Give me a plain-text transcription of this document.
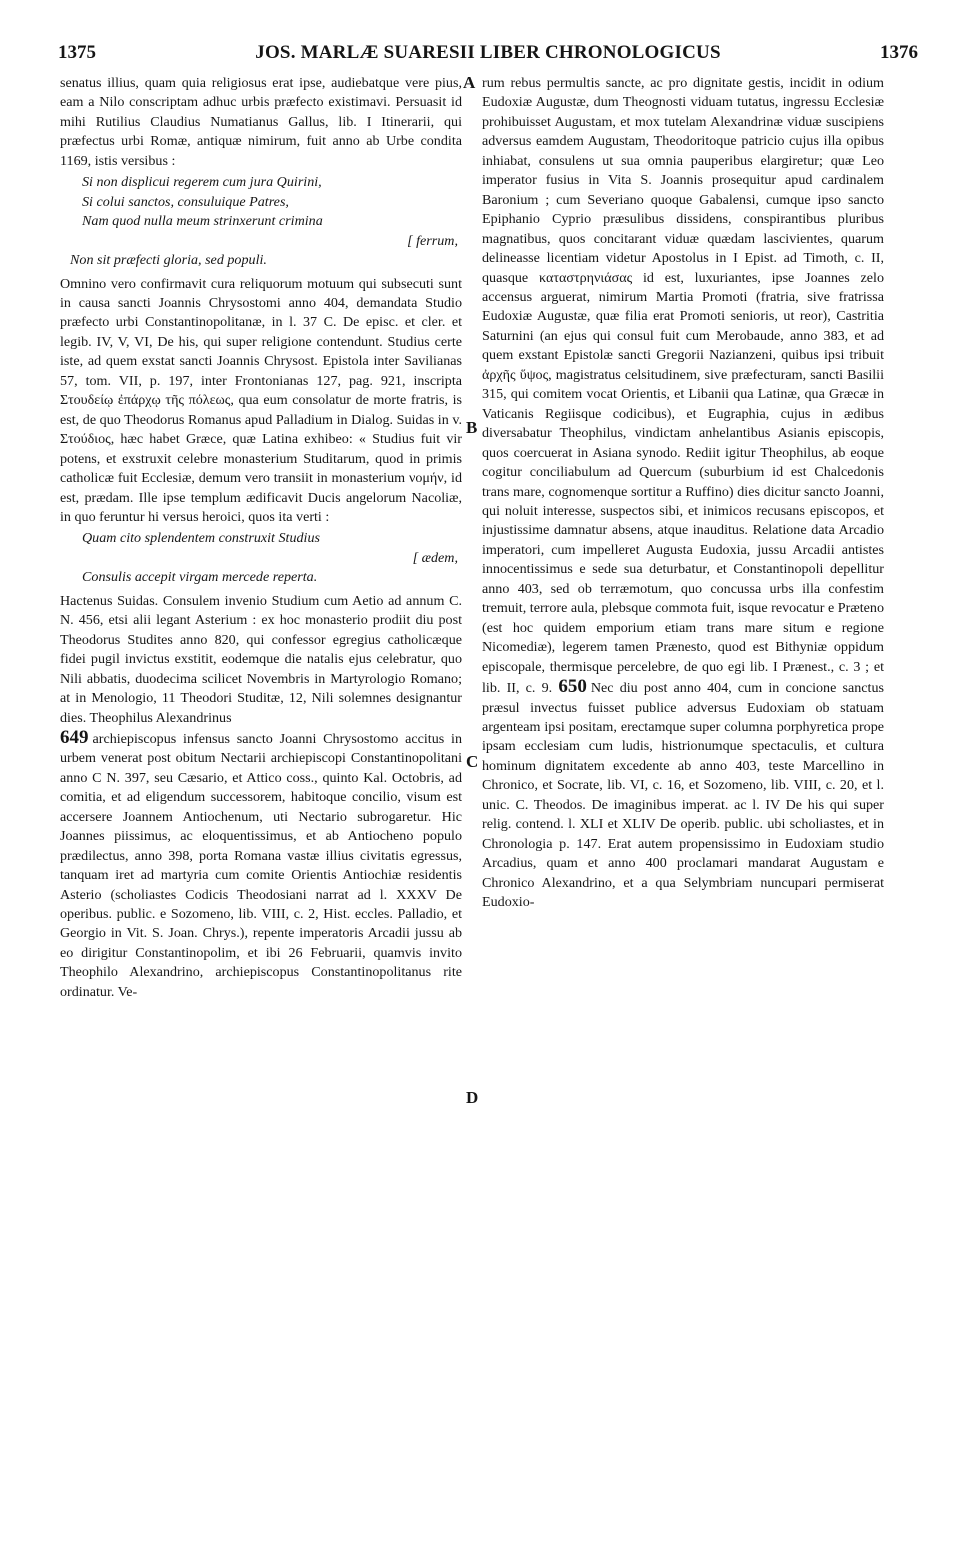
1375	JOS. MARLÆ SUARESII LIBER CHRONOLOGICUS	1376
A
B
C
D

senatus illius, quam quia religiosus erat ipse, audiebatque vere pius, eam a Nilo conscriptam adhuc urbis præfecto existimavi. Persuasit id mihi Rutilius Claudius Numatianus Gallus, lib. I Itinerarii, qui præfectus urbi Romæ, antiquæ nimirum, fuit anno ab Urbe condita 1169, istis versibus :

Si non displicui regerem cum jura Quirini,
Si colui sanctos, consuluique Patres,
Nam quod nulla meum strinxerunt crimina
[ ferrum,
Non sit præfecti gloria, sed populi.

Omnino vero confirmavit cura reliquorum motuum qui subsecuti sunt in causa sancti Joannis Chrysostomi anno 404, demandata Studio præfecto urbi Constantinopolitanæ, in l. 37 C. De episc. et cler. et legib. IV, V, VI, De his, qui super religione contendunt. Studius certe iste, ad quem exstat sancti Joannis Chrysost. Epistola inter Savilianas 57, tom. VII, p. 197, inter Frontonianas 127, pag. 921, inscripta Στουδείῳ ἐπάρχῳ τῆς πόλεως, qua eum consolatur de morte fratris, is est, de quo Theodorus Romanus apud Palladium in Dialog. Suidas in v. Στούδιος, hæc habet Græce, quæ Latina exhibeo: « Studius fuit vir potens, et exstruxit celebre monasterium Studitarum, quod in primis catholicæ fuit Ecclesiæ, demum vero transiit in monasterium νομήν, id est, prædam. Ille ipse templum ædificavit Ducis angelorum Nacoliæ, in quo feruntur hi versus heroici, quos ita verti :

Quam cito splendentem construxit Studius
[ ædem,
Consulis accepit virgam mercede reperta.

Hactenus Suidas. Consulem invenio Studium cum Aetio ad annum C. N. 456, etsi alii legant Asterium : ex hoc monasterio prodiit diu post Theodorus Studites anno 820, qui confessor egregius catholicæque fidei pugil invictus exstitit, eodemque die natalis ejus celebratur, quo Nili abbatis, duodecima scilicet Novembris in Martyrologio Romano; at in Menologio, 11 Theodori Studitæ, 12, Nili solemnes designantur dies. Theophilus Alexandrinus

649 archiepiscopus infensus sancto Joanni Chrysostomo accitus in urbem venerat post obitum Nectarii archiepiscopi Constantinopolitani anno C N. 397, seu Cæsario, et Attico coss., quinto Kal. Octobris, ad comitia, et ad eligendum successorem, habitoque concilio, visum est accersere Joannem Antiochenum, uti Nectario subrogaretur. Hic Joannes piissimus, ac eloquentissimus, et ab Antiocheno populo prædilectus, anno 398, porta Romana vastæ illius civitatis egressus, tanquam iret ad martyria cum comite Orientis Antiochiæ residentis Asterio (scholiastes Codicis Theodosiani narrat ad l. XXXV De operibus. public. e Sozomeno, lib. VIII, c. 2, Hist. eccles. Palladio, et Georgio in Vit. S. Joan. Chrys.), repente imperatoris Arcadii jussu ab eo dirigitur Constantinopolim, et ibi 26 Februarii, quamvis invito Theophilo Alexandrino, archiepiscopus Constantinopolitanus rite ordinatur. Ve-

rum rebus permultis sancte, ac pro dignitate gestis, incidit in odium Eudoxiæ Augustæ, dum Theognosti viduam tutatus, ingressu Ecclesiæ prohibuisset Augustam, et mox tutelam Alexandrinæ viduæ suscipiens adversus eamdem Augustam, Theodoritoque patricio cujus illa opibus inhiabat, consulens ut sua omnia pauperibus elargiretur; quæ Leo imperator fusius in Vita S. Joannis prosequitur apud cardinalem Baronium ; cum Severiano quoque Gabalensi, cumque ipso sancto Epiphanio Cyprio præsulibus dissidens, conspirantibus pluribus magnatibus, quos concitarant viduæ quædam lascivientes, quarum delineasse licentiam videtur Apostolus in I Epist. ad Timoth, c. II, quasque καταστρηνιάσας id est, luxuriantes, ipse Joannes zelo accensus arguerat, nimirum Martia Promoti (fratria, sive fratrissa Eudoxiæ Augustæ, quæ filia erat Promoti senioris, ut reor), Castritia Saturnini (an ejus qui consul fuit cum Merobaude, anno 383, et ad quem exstant Epistolæ sancti Gregorii Nazianzeni, quibus ipsi tribuit ἀρχῆς ὕψος, magistratus celsitudinem, sive præfecturam, sancti Basilii 315, qui comitem vocat Orientis, et Libanii qua Latinæ, qua Græcæ in Vaticanis Regiisque codicibus), et Eugraphia, cujus in ædibus diversabatur Theophilus, vindictam anhelantibus Asianis episcopis, quos coercuerat in Asiana synodo. Rediit igitur Theophilus, ab eoque cogitur conciliabulum ad Quercum (suburbium id est Chalcedonis trans mare, cognomenque sortitur a Ruffino) dies dicitur sancto Joanni, qui noluit interesse, suspectos sibi, et inimicos recusans episcopos, et injustissime damnatur absens, atque inauditus. Relatione data Arcadio imperatori, cum impelleret Augusta Eudoxia, jussu Arcadii antistes innocentissimus e sede sua deturbatur, et Constantinopoli depellitur anno 403, sed ob terræmotum, quo concussa urbs illa confestim tremuit, terrore aula, plebsque commota fuit, isque revocatur e Præteno (est hoc quidem emporium etiam trans mare situm e regione Nicomediæ), legerem tamen Prænesto, quod est Bithyniæ oppidum episcopale, thermisque percelebre, de quo egi lib. I Prænest., c. 3 ; et lib. II, c. 9. 650 Nec diu post anno 404, cum in concione sanctus præsul invectus fuisset publice adversus Eudoxiam ob statuam argenteam ipsi positam, erectamque super columna porphyretica prope ipsam ecclesiam cum ludis, histrionumque spectaculis, et cultura hominum dignitatem excedente ab anno 403, teste Marcellino in Chronico, et Socrate, lib. VI, c. 16, et Sozomeno, lib. VIII, c. 20, et l. unic. C. Theodos. De imaginibus imperat. ac l. IV De his qui super relig. contend. l. XLI et XLIV De operib. public. ubi scholiastes, et in Chronologia p. 147. Erat autem propensissimo in Eudoxiam studio Arcadius, quam et anno 400 proclamari mandarat Augustam e Chronico Alexandrino, et a qua Selymbriam nuncupari permiserat Eudoxio-
